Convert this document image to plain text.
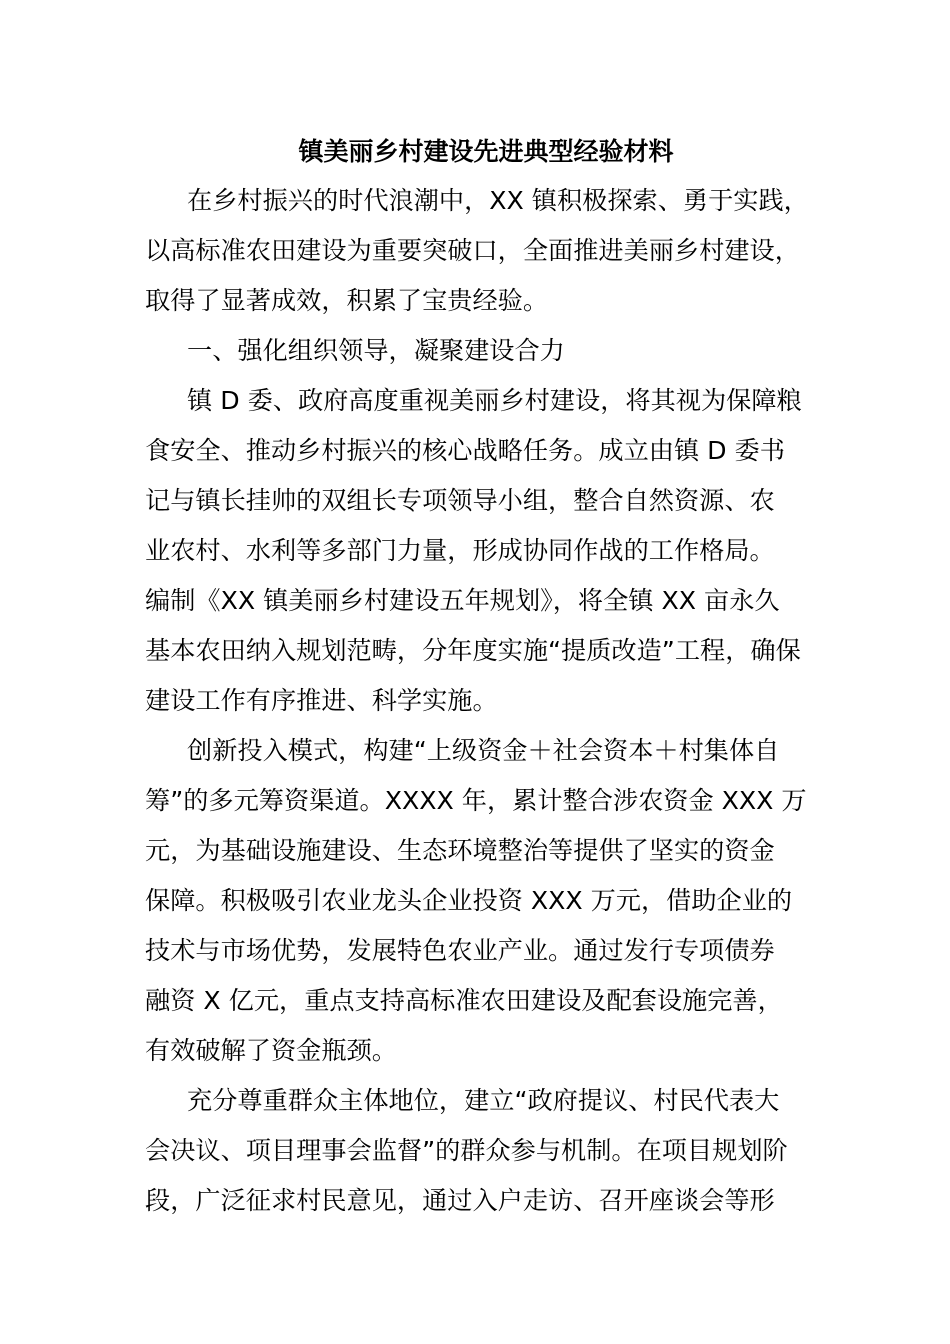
镇美丽乡村建设先进典型经验材料
在乡村振兴的时代浪潮中，XX 镇积极探索、勇于实践，
以高标准农田建设为重要突破口，全面推进美丽乡村建设，
取得了显著成效，积累了宝贵经验。
一、强化组织领导，凝聚建设合力
镇 D 委、政府高度重视美丽乡村建设，将其视为保障粮
食安全、推动乡村振兴的核心战略任务。成立由镇 D 委书
记与镇长挂帅的双组长专项领导小组，整合自然资源、农
业农村、水利等多部门力量，形成协同作战的工作格局。
编制《XX 镇美丽乡村建设五年规划》，将全镇 XX 亩永久
基本农田纳入规划范畴，分年度实施“提质改造”工程，确保
建设工作有序推进、科学实施。
创新投入模式，构建“上级资金＋社会资本＋村集体自
筹”的多元筹资渠道。XXXX 年，累计整合涉农资金 XXX 万
元，为基础设施建设、生态环境整治等提供了坚实的资金
保障。积极吸引农业龙头企业投资 XXX 万元，借助企业的
技术与市场优势，发展特色农业产业。通过发行专项债券
融资 X 亿元，重点支持高标准农田建设及配套设施完善，
有效破解了资金瓶颈。
充分尊重群众主体地位，建立“政府提议、村民代表大
会决议、项目理事会监督”的群众参与机制。在项目规划阶
段，广泛征求村民意见，通过入户走访、召开座谈会等形
